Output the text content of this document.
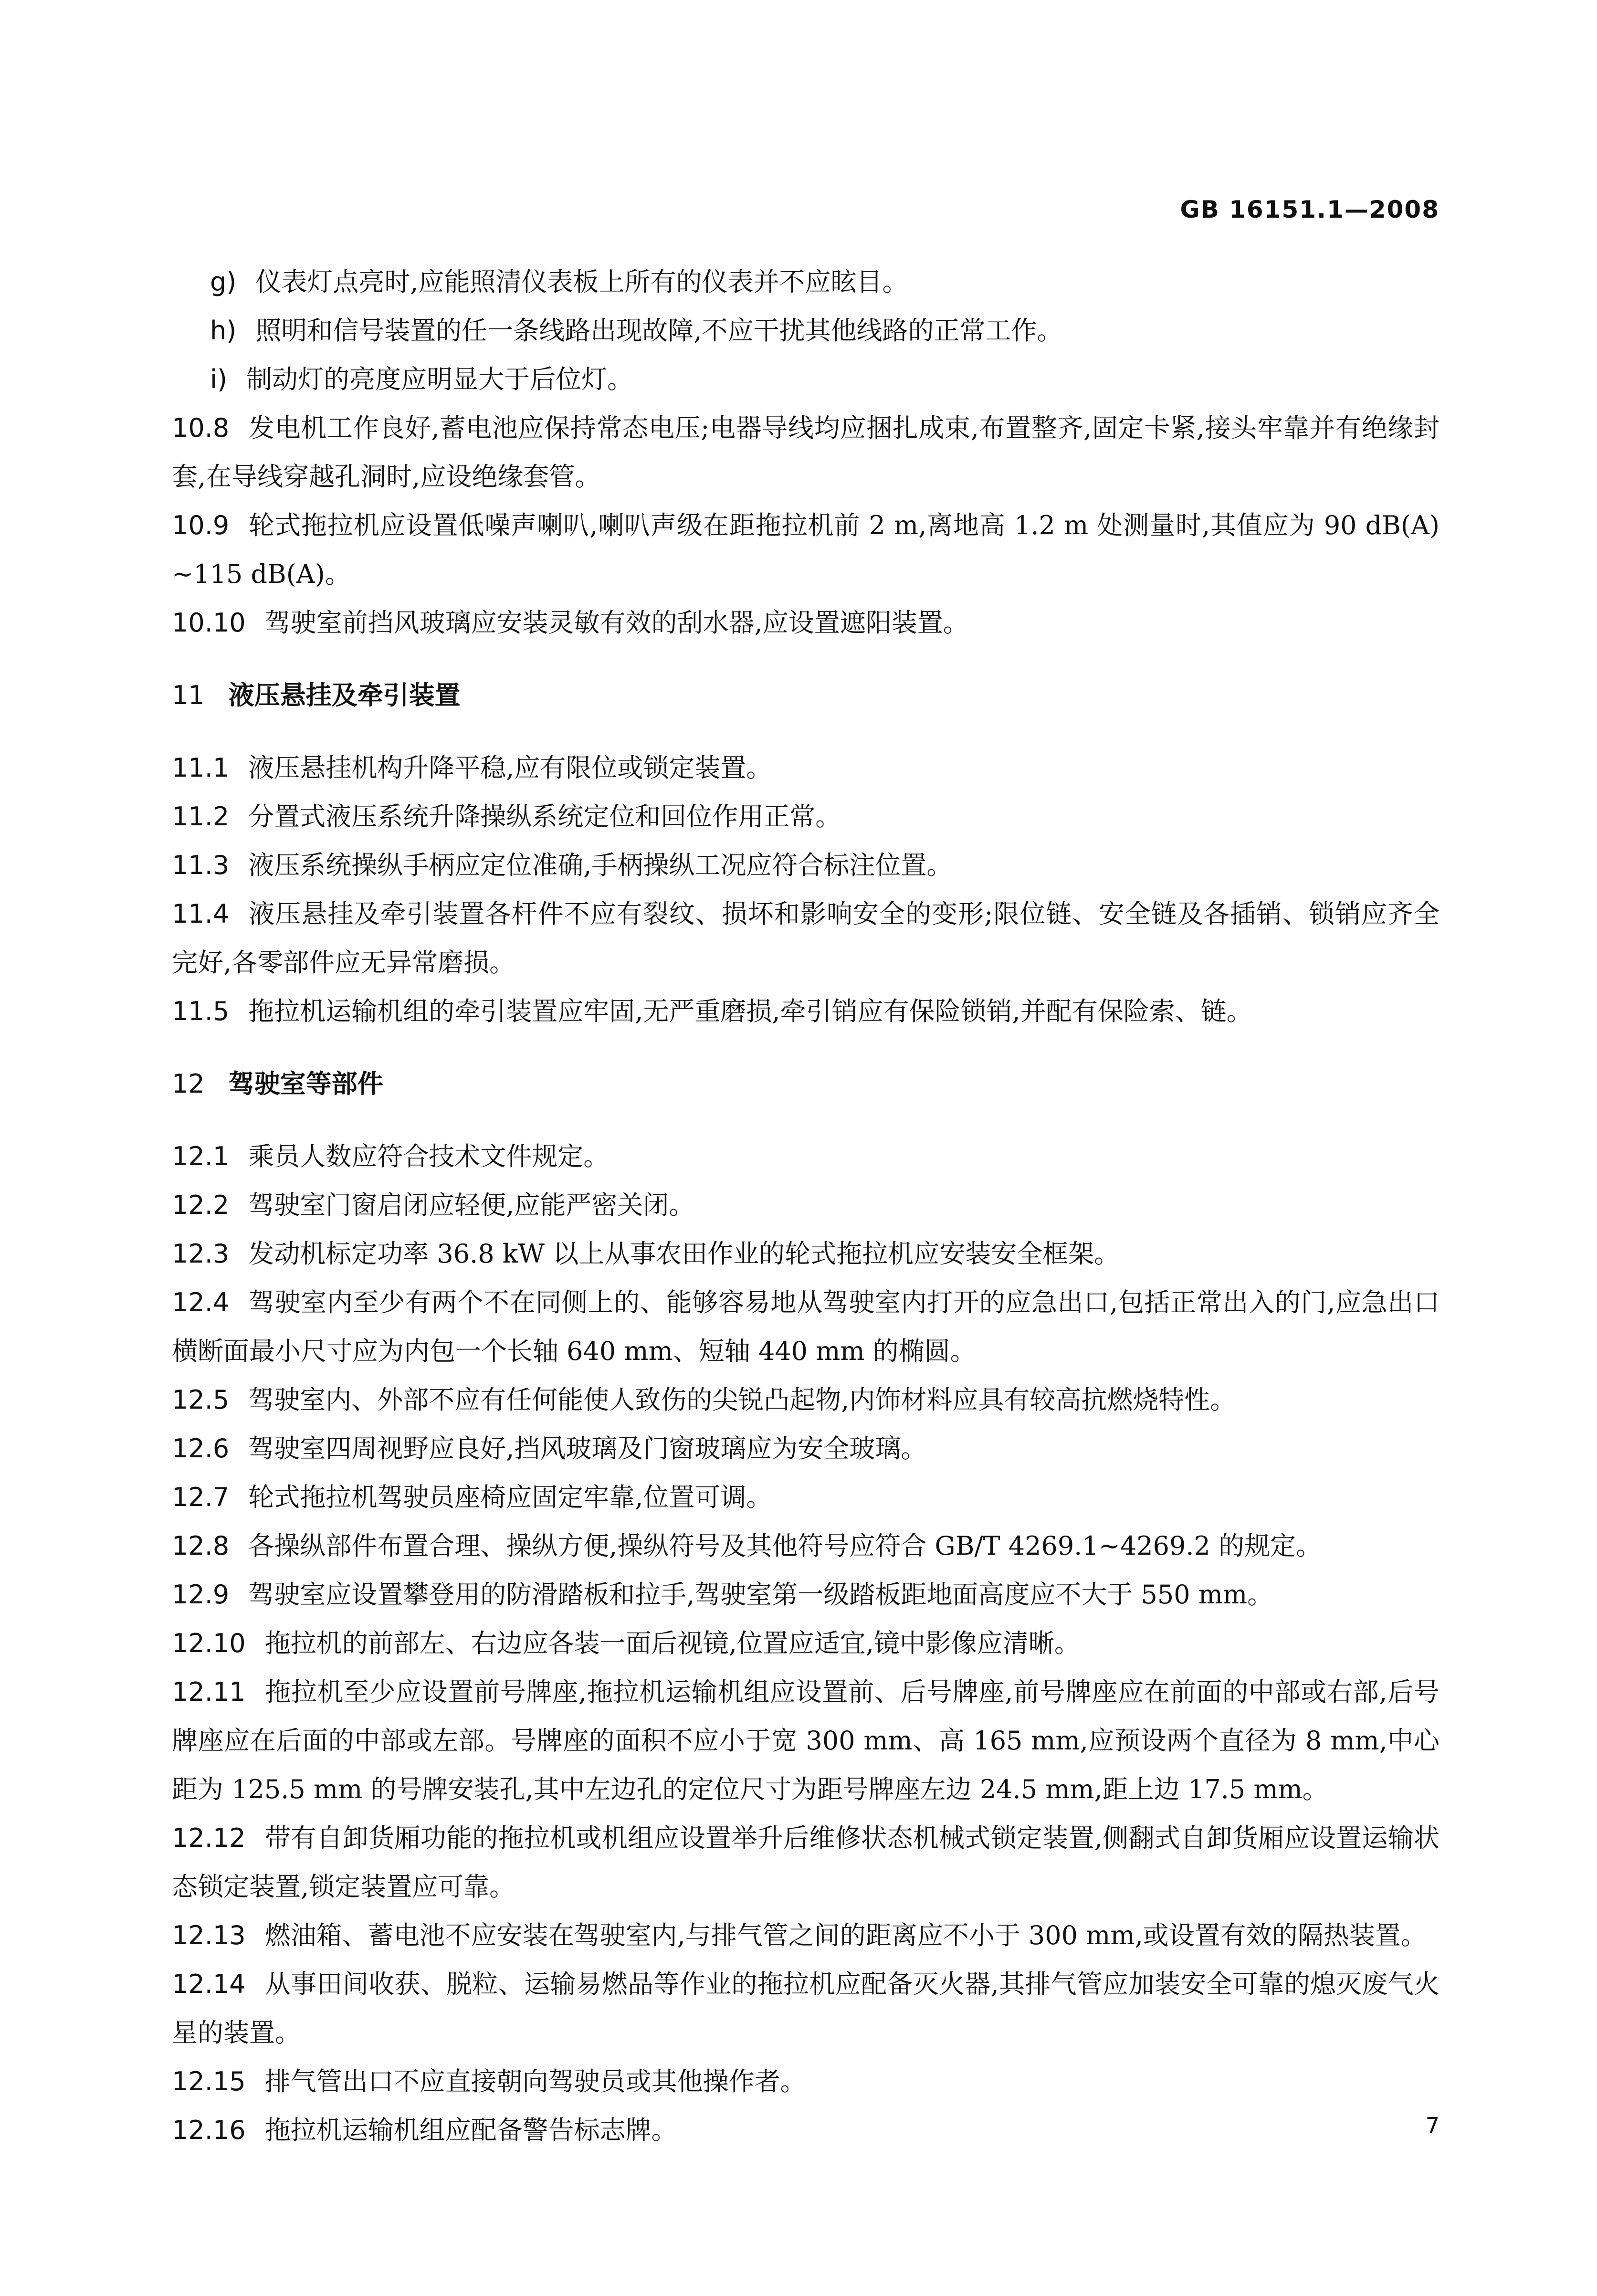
GB 16151.1—2008

g) 仪表灯点亮时,应能照清仪表板上所有的仪表并不应眩目。

h) 照明和信号装置的任一条线路出现故障,不应干扰其他线路的正常工作。

i) 制动灯的亮度应明显大于后位灯。

10.8 发电机工作良好,蓄电池应保持常态电压;电器导线均应捆扎成束,布置整齐,固定卡紧,接头牢靠并有绝缘封套,在导线穿越孔洞时,应设绝缘套管。

10.9 轮式拖拉机应设置低噪声喇叭,喇叭声级在距拖拉机前 2 m,离地高 1.2 m 处测量时,其值应为 90 dB(A)~115 dB(A)。

10.10 驾驶室前挡风玻璃应安装灵敏有效的刮水器,应设置遮阳装置。

11 液压悬挂及牵引装置

11.1 液压悬挂机构升降平稳,应有限位或锁定装置。

11.2 分置式液压系统升降操纵系统定位和回位作用正常。

11.3 液压系统操纵手柄应定位准确,手柄操纵工况应符合标注位置。

11.4 液压悬挂及牵引装置各杆件不应有裂纹、损坏和影响安全的变形;限位链、安全链及各插销、锁销应齐全完好,各零部件应无异常磨损。

11.5 拖拉机运输机组的牵引装置应牢固,无严重磨损,牵引销应有保险锁销,并配有保险索、链。

12 驾驶室等部件

12.1 乘员人数应符合技术文件规定。

12.2 驾驶室门窗启闭应轻便,应能严密关闭。

12.3 发动机标定功率 36.8 kW 以上从事农田作业的轮式拖拉机应安装安全框架。

12.4 驾驶室内至少有两个不在同侧上的、能够容易地从驾驶室内打开的应急出口,包括正常出入的门,应急出口横断面最小尺寸应为内包一个长轴 640 mm、短轴 440 mm 的椭圆。

12.5 驾驶室内、外部不应有任何能使人致伤的尖锐凸起物,内饰材料应具有较高抗燃烧特性。

12.6 驾驶室四周视野应良好,挡风玻璃及门窗玻璃应为安全玻璃。

12.7 轮式拖拉机驾驶员座椅应固定牢靠,位置可调。

12.8 各操纵部件布置合理、操纵方便,操纵符号及其他符号应符合 GB/T 4269.1~4269.2 的规定。

12.9 驾驶室应设置攀登用的防滑踏板和拉手,驾驶室第一级踏板距地面高度应不大于 550 mm。

12.10 拖拉机的前部左、右边应各装一面后视镜,位置应适宜,镜中影像应清晰。

12.11 拖拉机至少应设置前号牌座,拖拉机运输机组应设置前、后号牌座,前号牌座应在前面的中部或右部,后号牌座应在后面的中部或左部。号牌座的面积不应小于宽 300 mm、高 165 mm,应预设两个直径为 8 mm,中心距为 125.5 mm 的号牌安装孔,其中左边孔的定位尺寸为距号牌座左边 24.5 mm,距上边 17.5 mm。

12.12 带有自卸货厢功能的拖拉机或机组应设置举升后维修状态机械式锁定装置,侧翻式自卸货厢应设置运输状态锁定装置,锁定装置应可靠。

12.13 燃油箱、蓄电池不应安装在驾驶室内,与排气管之间的距离应不小于 300 mm,或设置有效的隔热装置。

12.14 从事田间收获、脱粒、运输易燃品等作业的拖拉机应配备灭火器,其排气管应加装安全可靠的熄灭废气火星的装置。

12.15 排气管出口不应直接朝向驾驶员或其他操作者。

12.16 拖拉机运输机组应配备警告标志牌。	7
